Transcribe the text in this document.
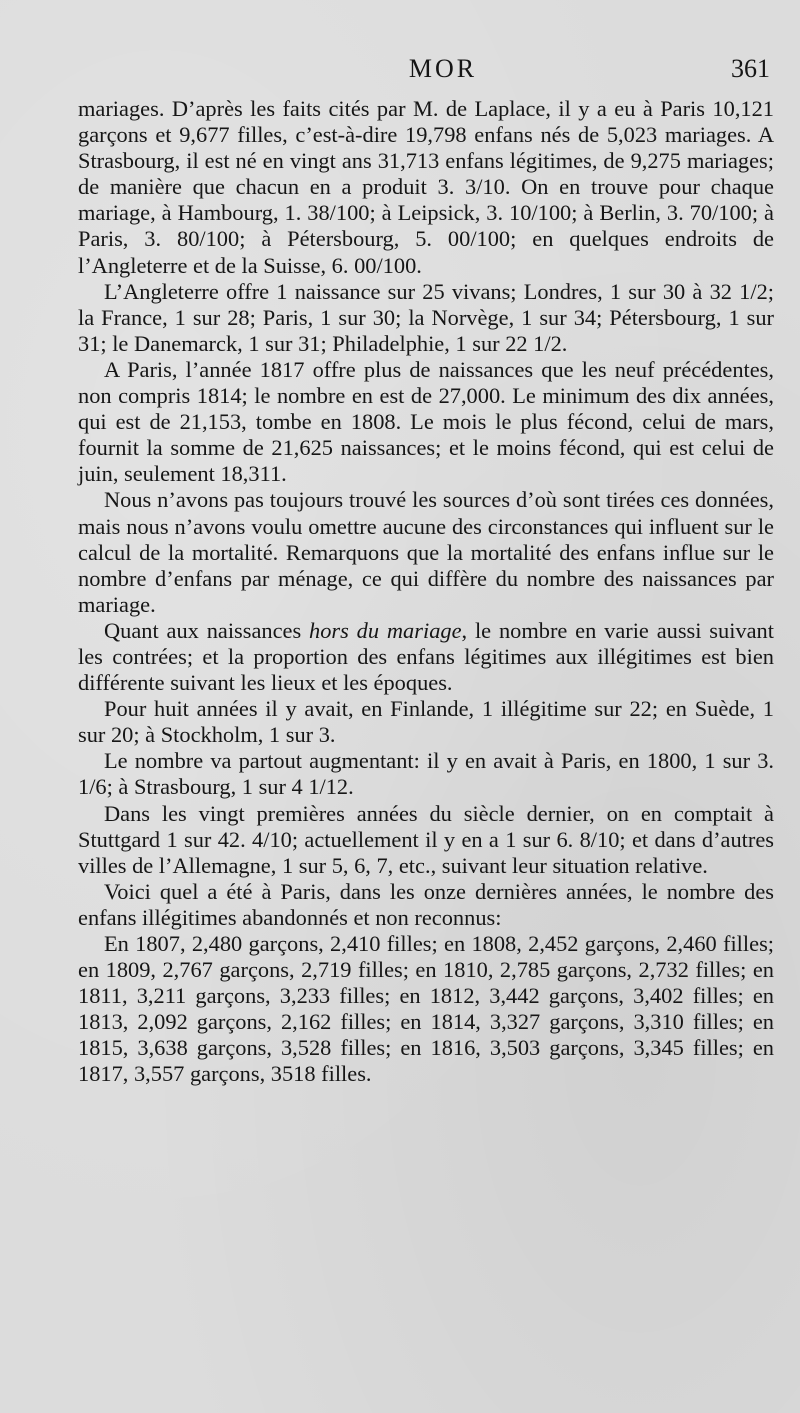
MOR	361

mariages. D’après les faits cités par M. de Laplace, il y a eu à Paris 10,121 garçons et 9,677 filles, c’est-à-dire 19,798 enfans nés de 5,023 mariages. A Strasbourg, il est né en vingt ans 31,713 enfans légitimes, de 9,275 mariages; de manière que chacun en a produit 3. 3/10. On en trouve pour chaque mariage, à Hambourg, 1. 38/100; à Leipsick, 3. 10/100; à Berlin, 3. 70/100; à Paris, 3. 80/100; à Pétersbourg, 5. 00/100; en quelques endroits de l’Angleterre et de la Suisse, 6. 00/100.

L’Angleterre offre 1 naissance sur 25 vivans; Londres, 1 sur 30 à 32 1/2; la France, 1 sur 28; Paris, 1 sur 30; la Norvège, 1 sur 34; Pétersbourg, 1 sur 31; le Danemarck, 1 sur 31; Philadelphie, 1 sur 22 1/2.

A Paris, l’année 1817 offre plus de naissances que les neuf précédentes, non compris 1814; le nombre en est de 27,000. Le minimum des dix années, qui est de 21,153, tombe en 1808. Le mois le plus fécond, celui de mars, fournit la somme de 21,625 naissances; et le moins fécond, qui est celui de juin, seulement 18,311.

Nous n’avons pas toujours trouvé les sources d’où sont tirées ces données, mais nous n’avons voulu omettre aucune des circonstances qui influent sur le calcul de la mortalité. Remarquons que la mortalité des enfans influe sur le nombre d’enfans par ménage, ce qui diffère du nombre des naissances par mariage.

Quant aux naissances hors du mariage, le nombre en varie aussi suivant les contrées; et la proportion des enfans légitimes aux illégitimes est bien différente suivant les lieux et les époques.

Pour huit années il y avait, en Finlande, 1 illégitime sur 22; en Suède, 1 sur 20; à Stockholm, 1 sur 3.

Le nombre va partout augmentant: il y en avait à Paris, en 1800, 1 sur 3. 1/6; à Strasbourg, 1 sur 4 1/12.

Dans les vingt premières années du siècle dernier, on en comptait à Stuttgard 1 sur 42. 4/10; actuellement il y en a 1 sur 6. 8/10; et dans d’autres villes de l’Allemagne, 1 sur 5, 6, 7, etc., suivant leur situation relative.

Voici quel a été à Paris, dans les onze dernières années, le nombre des enfans illégitimes abandonnés et non reconnus:

En 1807, 2,480 garçons, 2,410 filles; en 1808, 2,452 garçons, 2,460 filles; en 1809, 2,767 garçons, 2,719 filles; en 1810, 2,785 garçons, 2,732 filles; en 1811, 3,211 garçons, 3,233 filles; en 1812, 3,442 garçons, 3,402 filles; en 1813, 2,092 garçons, 2,162 filles; en 1814, 3,327 garçons, 3,310 filles; en 1815, 3,638 garçons, 3,528 filles; en 1816, 3,503 garçons, 3,345 filles; en 1817, 3,557 garçons, 3518 filles.
